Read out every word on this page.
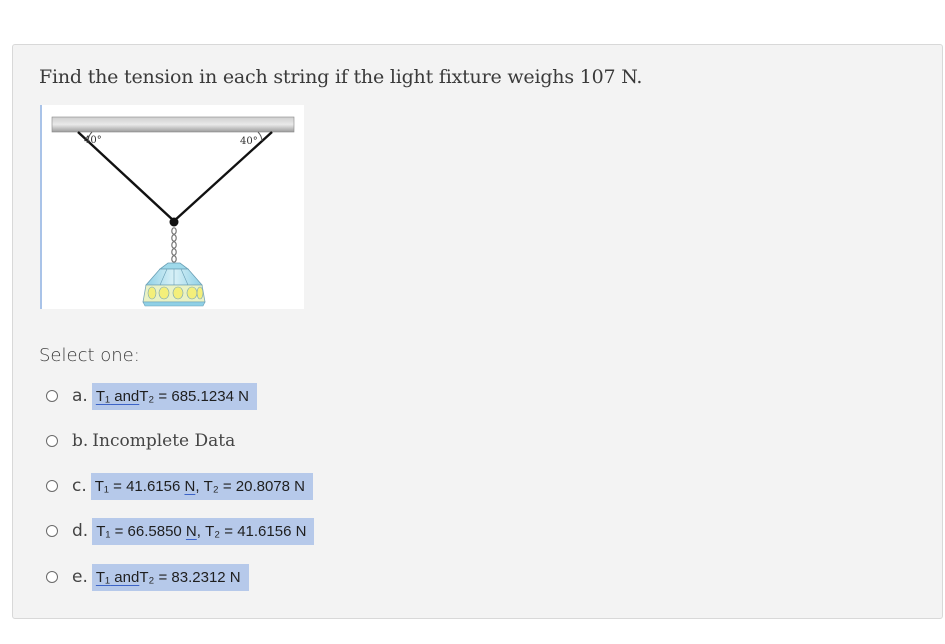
Find the tension in each string if the light fixture weighs 107 N.
40°	40°
Select one:
a. T₁ and T₂ = 685.1234 N
b. Incomplete Data
c. T₁ = 41.6156 N , T₂ = 20.8078 N
d. T₁ = 66.5850 N , T₂ = 41.6156 N
e. T₁ and T₂ = 83.2312 N
